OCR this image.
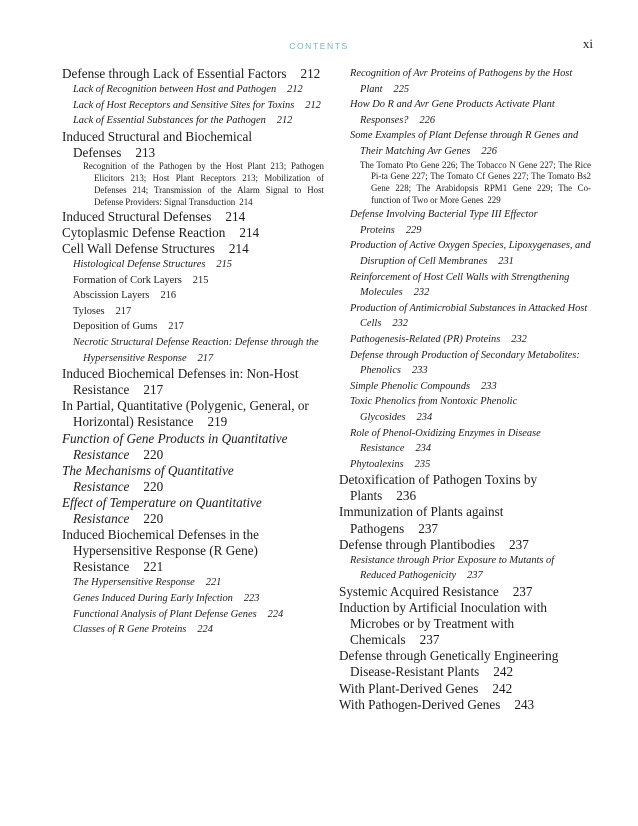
CONTENTS	xi

Defense through Lack of Essential Factors 212

Lack of Recognition between Host and Pathogen 212

Lack of Host Receptors and Sensitive Sites for Toxins 212

Lack of Essential Substances for the Pathogen 212

Induced Structural and Biochemical Defenses 213

Recognition of the Pathogen by the Host Plant 213; Pathogen Elicitors 213; Host Plant Receptors 213; Mobilization of Defenses 214; Transmission of the Alarm Signal to Host Defense Providers: Signal Transduction 214

Induced Structural Defenses 214

Cytoplasmic Defense Reaction 214

Cell Wall Defense Structures 214

Histological Defense Structures 215

Formation of Cork Layers 215

Abscission Layers 216

Tyloses 217

Deposition of Gums 217

Necrotic Structural Defense Reaction: Defense through the Hypersensitive Response 217

Induced Biochemical Defenses in: Non-Host Resistance 217

In Partial, Quantitative (Polygenic, General, or Horizontal) Resistance 219

Function of Gene Products in Quantitative Resistance 220

The Mechanisms of Quantitative Resistance 220

Effect of Temperature on Quantitative Resistance 220

Induced Biochemical Defenses in the Hypersensitive Response (R Gene) Resistance 221

The Hypersensitive Response 221

Genes Induced During Early Infection 223

Functional Analysis of Plant Defense Genes 224

Classes of R Gene Proteins 224

Recognition of Avr Proteins of Pathogens by the Host Plant 225

How Do R and Avr Gene Products Activate Plant Responses? 226

Some Examples of Plant Defense through R Genes and Their Matching Avr Genes 226

The Tomato Pto Gene 226; The Tobacco N Gene 227; The Rice Pi-ta Gene 227; The Tomato Cf Genes 227; The Tomato Bs2 Gene 228; The Arabidopsis RPM1 Gene 229; The Co-function of Two or More Genes 229

Defense Involving Bacterial Type III Effector Proteins 229

Production of Active Oxygen Species, Lipoxygenases, and Disruption of Cell Membranes 231

Reinforcement of Host Cell Walls with Strengthening Molecules 232

Production of Antimicrobial Substances in Attacked Host Cells 232

Pathogenesis-Related (PR) Proteins 232

Defense through Production of Secondary Metabolites: Phenolics 233

Simple Phenolic Compounds 233

Toxic Phenolics from Nontoxic Phenolic Glycosides 234

Role of Phenol-Oxidizing Enzymes in Disease Resistance 234

Phytoalexins 235

Detoxification of Pathogen Toxins by Plants 236

Immunization of Plants against Pathogens 237

Defense through Plantibodies 237

Resistance through Prior Exposure to Mutants of Reduced Pathogenicity 237

Systemic Acquired Resistance 237

Induction by Artificial Inoculation with Microbes or by Treatment with Chemicals 237

Defense through Genetically Engineering Disease-Resistant Plants 242

With Plant-Derived Genes 242

With Pathogen-Derived Genes 243
